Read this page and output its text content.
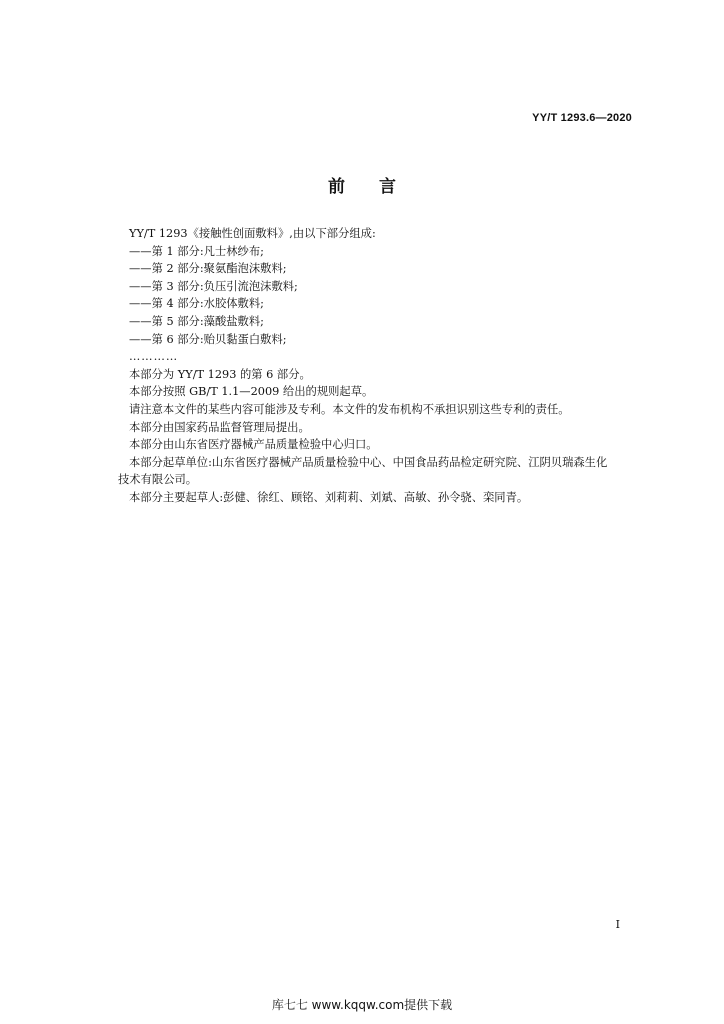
YY/T 1293.6—2020
前言

YY/T 1293《接触性创面敷料》,由以下部分组成:

——第 1 部分:凡士林纱布;

——第 2 部分:聚氨酯泡沫敷料;

——第 3 部分:负压引流泡沫敷料;

——第 4 部分:水胶体敷料;

——第 5 部分:藻酸盐敷料;

——第 6 部分:贻贝黏蛋白敷料;

…………

本部分为 YY/T 1293 的第 6 部分。

本部分按照 GB/T 1.1—2009 给出的规则起草。

请注意本文件的某些内容可能涉及专利。本文件的发布机构不承担识别这些专利的责任。

本部分由国家药品监督管理局提出。

本部分由山东省医疗器械产品质量检验中心归口。

本部分起草单位:山东省医疗器械产品质量检验中心、中国食品药品检定研究院、江阴贝瑞森生化

技术有限公司。

本部分主要起草人:彭健、徐红、顾铭、刘莉莉、刘斌、高敏、孙令骁、栾同青。

I
库七七 www.kqqw.com提供下载
